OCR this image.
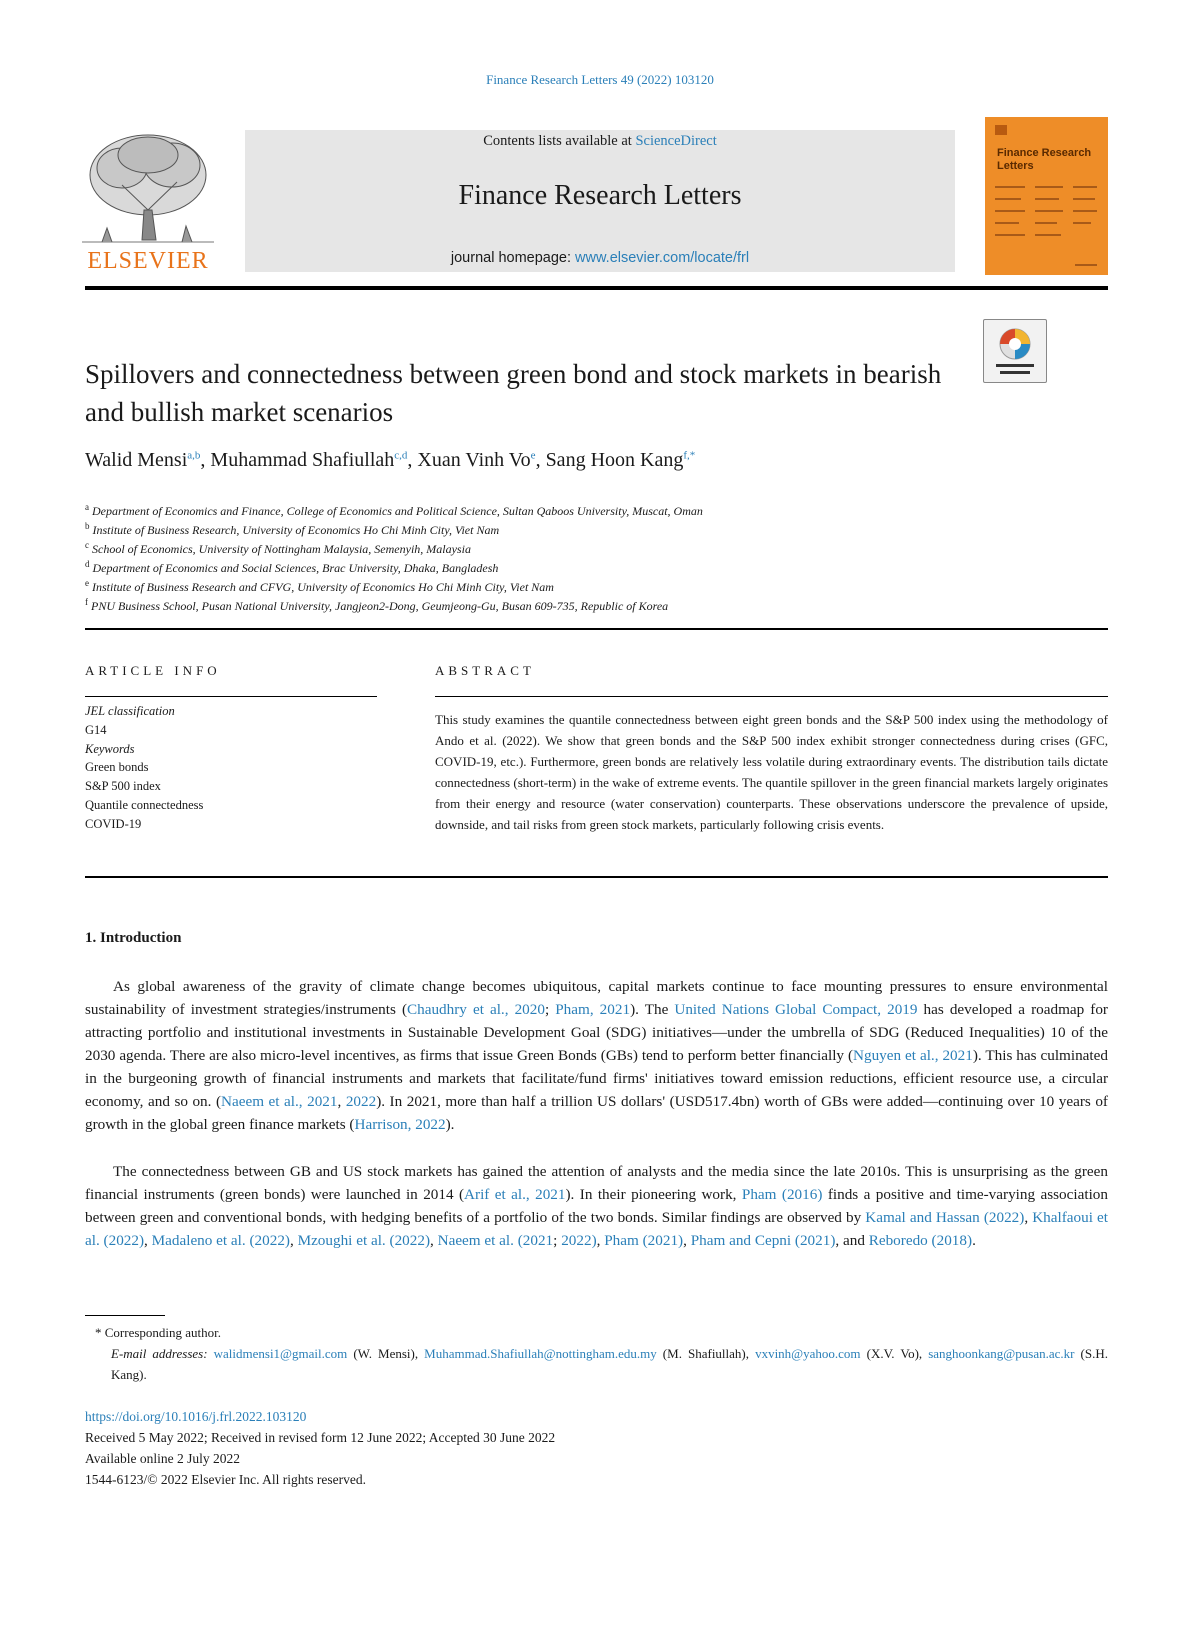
Finance Research Letters 49 (2022) 103120
ELSEVIER
Contents lists available at ScienceDirect
Finance Research Letters
journal homepage: www.elsevier.com/locate/frl
Finance Research Letters
Spillovers and connectedness between green bond and stock markets in bearish and bullish market scenarios
Walid Mensi$^{a,b}$, Muhammad Shafiullah$^{c,d}$, Xuan Vinh Vo$^e$, Sang Hoon Kang$^{f,*}$
$^a$ Department of Economics and Finance, College of Economics and Political Science, Sultan Qaboos University, Muscat, Oman
$^b$ Institute of Business Research, University of Economics Ho Chi Minh City, Viet Nam
$^c$ School of Economics, University of Nottingham Malaysia, Semenyih, Malaysia
$^d$ Department of Economics and Social Sciences, Brac University, Dhaka, Bangladesh
$^e$ Institute of Business Research and CFVG, University of Economics Ho Chi Minh City, Viet Nam
$^f$ PNU Business School, Pusan National University, Jangjeon2-Dong, Geumjeong-Gu, Busan 609-735, Republic of Korea
ARTICLE INFO
JEL classification
G14
Keywords
Green bonds
S&P 500 index
Quantile connectedness
COVID-19
ABSTRACT
This study examines the quantile connectedness between eight green bonds and the S&P 500 index using the methodology of Ando et al. (2022). We show that green bonds and the S&P 500 index exhibit stronger connectedness during crises (GFC, COVID-19, etc.). Furthermore, green bonds are relatively less volatile during extraordinary events. The distribution tails dictate connectedness (short-term) in the wake of extreme events. The quantile spillover in the green financial markets largely originates from their energy and resource (water conservation) counterparts. These observations underscore the prevalence of upside, downside, and tail risks from green stock markets, particularly following crisis events.
1. Introduction
As global awareness of the gravity of climate change becomes ubiquitous, capital markets continue to face mounting pressures to ensure environmental sustainability of investment strategies/instruments (Chaudhry et al., 2020; Pham, 2021). The United Nations Global Compact, 2019 has developed a roadmap for attracting portfolio and institutional investments in Sustainable Development Goal (SDG) initiatives—under the umbrella of SDG (Reduced Inequalities) 10 of the 2030 agenda. There are also micro-level incentives, as firms that issue Green Bonds (GBs) tend to perform better financially (Nguyen et al., 2021). This has culminated in the burgeoning growth of financial instruments and markets that facilitate/fund firms' initiatives toward emission reductions, efficient resource use, a circular economy, and so on. (Naeem et al., 2021, 2022). In 2021, more than half a trillion US dollars' (USD517.4bn) worth of GBs were added—continuing over 10 years of growth in the global green finance markets (Harrison, 2022).
The connectedness between GB and US stock markets has gained the attention of analysts and the media since the late 2010s. This is unsurprising as the green financial instruments (green bonds) were launched in 2014 (Arif et al., 2021). In their pioneering work, Pham (2016) finds a positive and time-varying association between green and conventional bonds, with hedging benefits of a portfolio of the two bonds. Similar findings are observed by Kamal and Hassan (2022), Khalfaoui et al. (2022), Madaleno et al. (2022), Mzoughi et al. (2022), Naeem et al. (2021; 2022), Pham (2021), Pham and Cepni (2021), and Reboredo (2018).
* Corresponding author.
E-mail addresses: walidmensi1@gmail.com (W. Mensi), Muhammad.Shafiullah@nottingham.edu.my (M. Shafiullah), vxvinh@yahoo.com (X.V. Vo), sanghoonkang@pusan.ac.kr (S.H. Kang).
https://doi.org/10.1016/j.frl.2022.103120
Received 5 May 2022; Received in revised form 12 June 2022; Accepted 30 June 2022
Available online 2 July 2022
1544-6123/© 2022 Elsevier Inc. All rights reserved.
